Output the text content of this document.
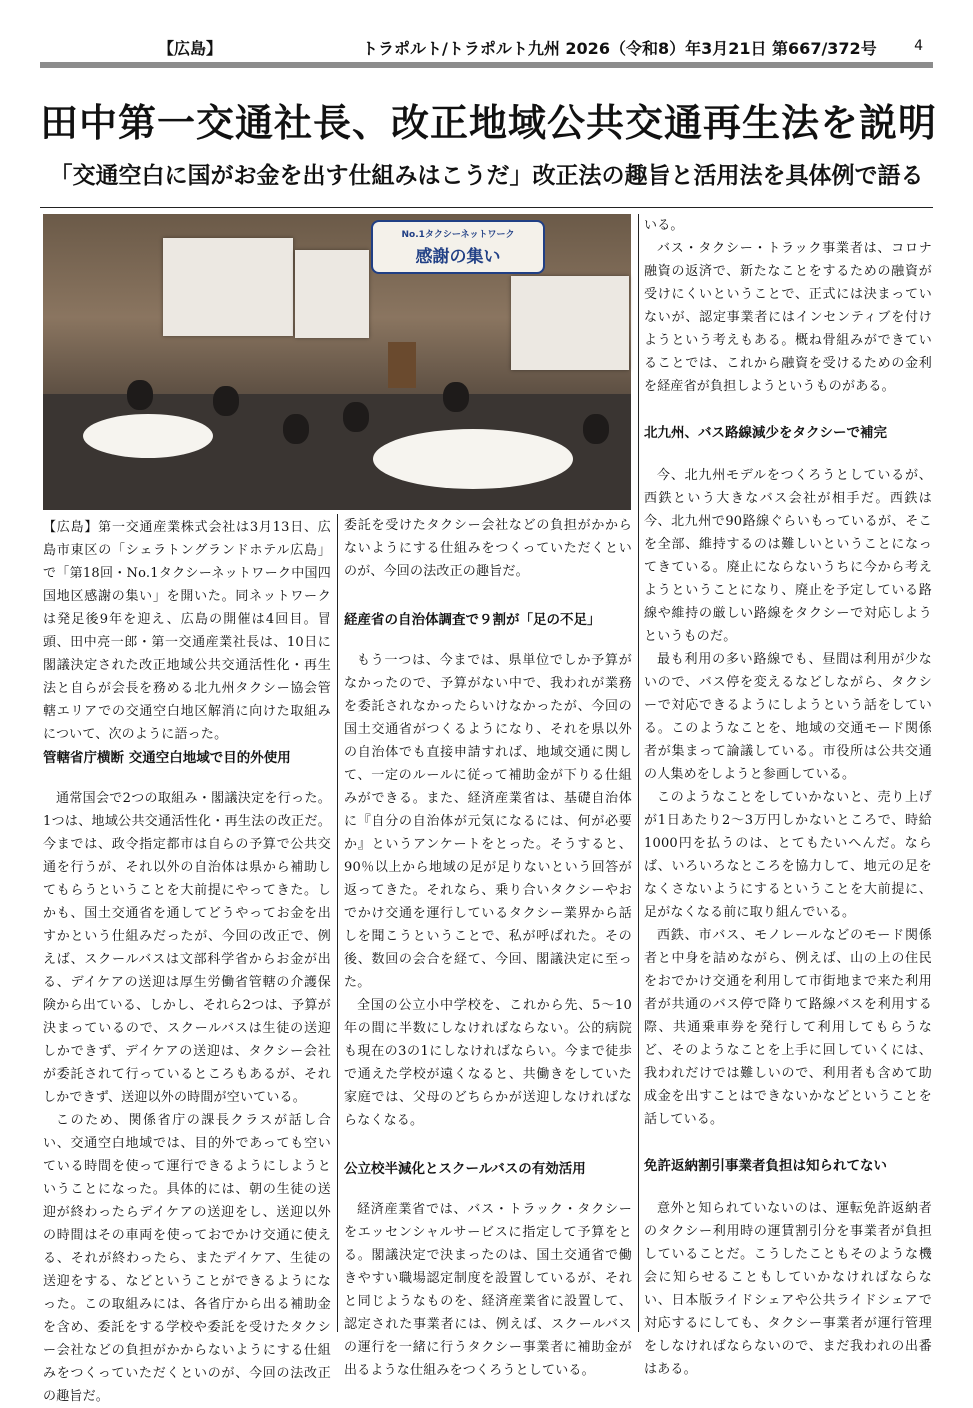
【広島】	トラポルト/トラポルト九州 2026（令和8）年3月21日 第667/372号	4
田中第一交通社長、改正地域公共交通再生法を説明
「交通空白に国がお金を出す仕組みはこうだ」改正法の趣旨と活用法を具体例で語る
No.1タクシーネットワーク
感謝の集い

【広島】第一交通産業株式会社は3月13日、広島市東区の「シェラトングランドホテル広島」で「第18回・No.1タクシーネットワーク中国四国地区感謝の集い」を開いた。同ネットワークは発足後9年を迎え、広島の開催は4回目。冒頭、田中亮一郎・第一交通産業社長は、10日に閣議決定された改正地域公共交通活性化・再生法と自らが会長を務める北九州タクシー協会管轄エリアでの交通空白地区解消に向けた取組みについて、次のように語った。

管轄省庁横断 交通空白地域で目的外使用

通常国会で2つの取組み・閣議決定を行った。1つは、地域公共交通活性化・再生法の改正だ。今までは、政令指定都市は自らの予算で公共交通を行うが、それ以外の自治体は県から補助してもらうということを大前提にやってきた。しかも、国土交通省を通してどうやってお金を出すかという仕組みだったが、今回の改正で、例えば、スクールバスは文部科学省からお金が出る、デイケアの送迎は厚生労働省管轄の介護保険から出ている、しかし、それら2つは、予算が決まっているので、スクールバスは生徒の送迎しかできず、デイケアの送迎は、タクシー会社が委託されて行っているところもあるが、それしかできず、送迎以外の時間が空いている。

このため、関係省庁の課長クラスが話し合い、交通空白地域では、目的外であっても空いている時間を使って運行できるようにしようということになった。具体的には、朝の生徒の送迎が終わったらデイケアの送迎をし、送迎以外の時間はその車両を使っておでかけ交通に使える、それが終わったら、またデイケア、生徒の送迎をする、などということができるようになった。この取組みには、各省庁から出る補助金を含め、委託をする学校や委託を受けたタクシー会社などの負担がかからないようにする仕組みをつくっていただくといのが、今回の法改正の趣旨だ。

委託を受けたタクシー会社などの負担がかからないようにする仕組みをつくっていただくといのが、今回の法改正の趣旨だ。

経産省の自治体調査で９割が「足の不足」

もう一つは、今までは、県単位でしか予算がなかったので、予算がない中で、我われが業務を委託されなかったらいけなかったが、今回の国土交通省がつくるようになり、それを県以外の自治体でも直接申請すれば、地域交通に関して、一定のルールに従って補助金が下りる仕組みができる。また、経済産業省は、基礎自治体に『自分の自治体が元気になるには、何が必要か』というアンケートをとった。そうすると、90％以上から地域の足が足りないという回答が返ってきた。それなら、乗り合いタクシーやおでかけ交通を運行しているタクシー業界から話しを聞こうということで、私が呼ばれた。その後、数回の会合を経て、今回、閣議決定に至った。

全国の公立小中学校を、これから先、5～10年の間に半数にしなければならない。公的病院も現在の3の1にしなければならい。今まで徒歩で通えた学校が遠くなると、共働きをしていた家庭では、父母のどちらかが送迎しなければならなくなる。

公立校半減化とスクールバスの有効活用

経済産業省では、バス・トラック・タクシーをエッセンシャルサービスに指定して予算をとる。閣議決定で決まったのは、国土交通省で働きやすい職場認定制度を設置しているが、それと同じようなものを、経済産業省に設置して、認定された事業者には、例えば、スクールバスの運行を一緒に行うタクシー事業者に補助金が出るような仕組みをつくろうとしている。

いる。

バス・タクシー・トラック事業者は、コロナ融資の返済で、新たなことをするための融資が受けにくいということで、正式には決まっていないが、認定事業者にはインセンティブを付けようという考えもある。概ね骨組みができていることでは、これから融資を受けるための金利を経産省が負担しようというものがある。

北九州、バス路線減少をタクシーで補完

今、北九州モデルをつくろうとしているが、西鉄という大きなバス会社が相手だ。西鉄は今、北九州で90路線ぐらいもっているが、そこを全部、維持するのは難しいということになってきている。廃止にならないうちに今から考えようということになり、廃止を予定している路線や維持の厳しい路線をタクシーで対応しようというものだ。

最も利用の多い路線でも、昼間は利用が少ないので、バス停を変えるなどしながら、タクシーで対応できるようにしようという話をしている。このようなことを、地域の交通モード関係者が集まって論議している。市役所は公共交通の人集めをしようと参画している。

このようなことをしていかないと、売り上げが1日あたり2～3万円しかないところで、時給1000円を払うのは、とてもたいへんだ。ならば、いろいろなところを協力して、地元の足をなくさないようにするということを大前提に、足がなくなる前に取り組んでいる。

西鉄、市バス、モノレールなどのモード関係者と中身を詰めながら、例えば、山の上の住民をおでかけ交通を利用して市街地まで来た利用者が共通のバス停で降りて路線バスを利用する際、共通乗車券を発行して利用してもらうなど、そのようなことを上手に回していくには、我われだけでは難しいので、利用者も含めて助成金を出すことはできないかなどということを話している。

免許返納割引事業者負担は知られてない

意外と知られていないのは、運転免許返納者のタクシー利用時の運賃割引分を事業者が負担していることだ。こうしたこともそのような機会に知らせることもしていかなければならない、日本版ライドシェアや公共ライドシェアで対応するにしても、タクシー事業者が運行管理をしなければならないので、まだ我われの出番はある。
